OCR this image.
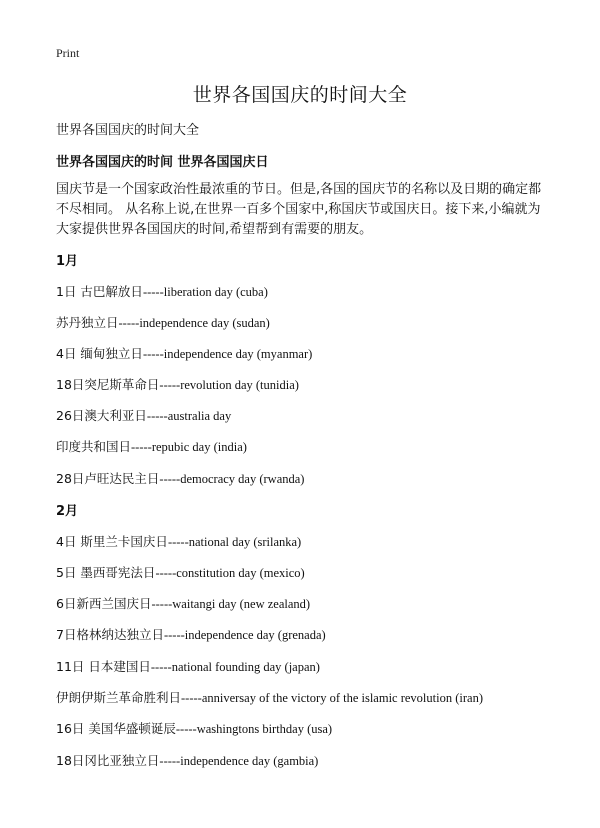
Print
世界各国国庆的时间大全
世界各国国庆的时间大全
世界各国国庆的时间 世界各国国庆日
国庆节是一个国家政治性最浓重的节日。但是,各国的国庆节的名称以及日期的确定都不尽相同。 从名称上说,在世界一百多个国家中,称国庆节或国庆日。接下来,小编就为大家提供世界各国国庆的时间,希望帮到有需要的朋友。
1月
1日 古巴解放日-----liberation day (cuba)
苏丹独立日-----independence day (sudan)
4日 缅甸独立日-----independence day (myanmar)
18日突尼斯革命日-----revolution day (tunidia)
26日澳大利亚日-----australia day
印度共和国日-----repubic day (india)
28日卢旺达民主日-----democracy day (rwanda)
2月
4日 斯里兰卡国庆日-----national day (srilanka)
5日 墨西哥宪法日-----constitution day (mexico)
6日新西兰国庆日-----waitangi day (new zealand)
7日格林纳达独立日-----independence day (grenada)
11日 日本建国日-----national founding day (japan)
伊朗伊斯兰革命胜利日-----anniversay of the victory of the islamic revolution (iran)
16日 美国华盛顿诞辰-----washingtons birthday (usa)
18日冈比亚独立日-----independence day (gambia)
